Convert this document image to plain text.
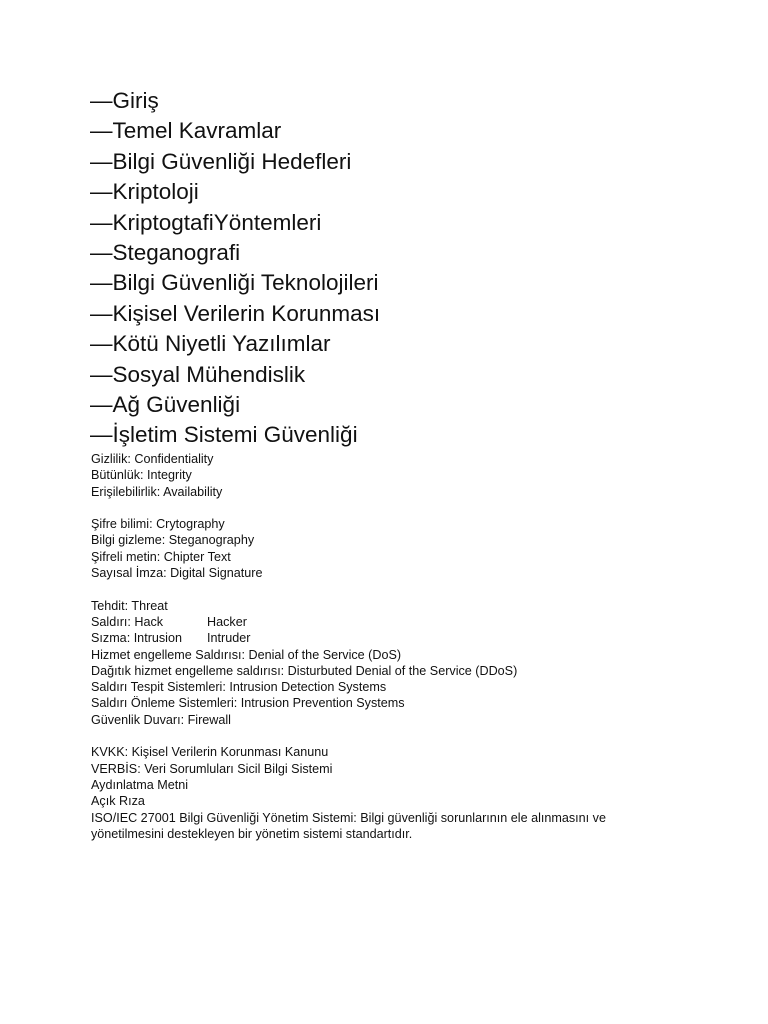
—Giriş
—Temel Kavramlar
—Bilgi Güvenliği Hedefleri
—Kriptoloji
—KriptogtafiYöntemleri
—Steganografi
—Bilgi Güvenliği Teknolojileri
—Kişisel Verilerin Korunması
—Kötü Niyetli Yazılımlar
—Sosyal Mühendislik
—Ağ Güvenliği
—İşletim Sistemi Güvenliği
Gizlilik: Confidentiality
Bütünlük: Integrity
Erişilebilirlik: Availability
Şifre bilimi: Crytography
Bilgi gizleme: Steganography
Şifreli metin: Chipter Text
Sayısal İmza: Digital Signature
Tehdit: Threat
Saldırı: Hack	Hacker
Sızma: Intrusion Intruder
Hizmet engelleme Saldırısı: Denial of the Service (DoS)
Dağıtık hizmet engelleme saldırısı: Disturbuted Denial of the Service (DDoS)
Saldırı Tespit Sistemleri: Intrusion Detection Systems
Saldırı Önleme Sistemleri: Intrusion Prevention Systems
Güvenlik Duvarı: Firewall
KVKK: Kişisel Verilerin Korunması Kanunu
VERBİS: Veri Sorumluları Sicil Bilgi Sistemi
Aydınlatma Metni
Açık Rıza
ISO/IEC 27001 Bilgi Güvenliği Yönetim Sistemi: Bilgi güvenliği sorunlarının ele alınmasını ve
yönetilmesini destekleyen bir yönetim sistemi standartıdır.
